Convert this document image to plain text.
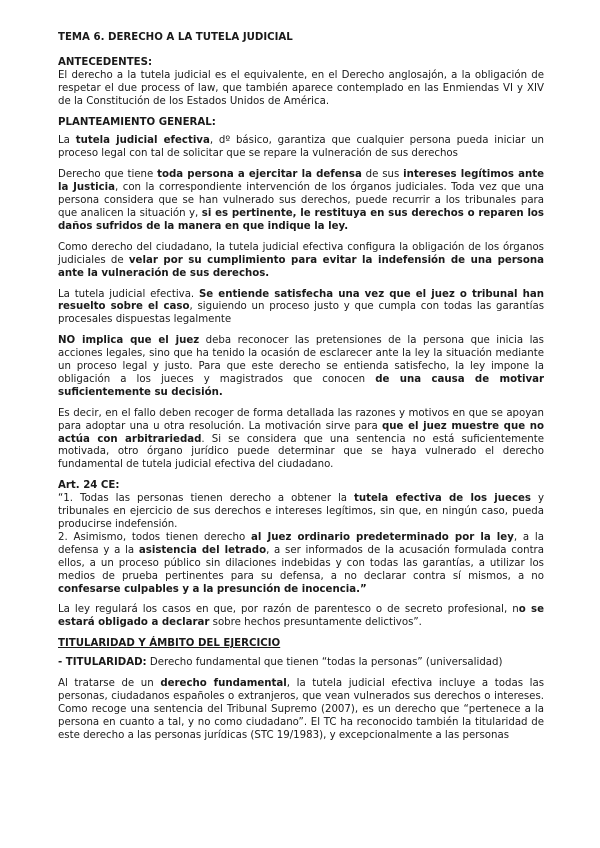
TEMA 6. DERECHO A LA TUTELA JUDICIAL
ANTECEDENTES:

El derecho a la tutela judicial es el equivalente, en el Derecho anglosajón, a la obligación de respetar el due process of law, que también aparece contemplado en las Enmiendas VI y XIV de la Constitución de los Estados Unidos de América.

PLANTEAMIENTO GENERAL:

La tutela judicial efectiva, dº básico, garantiza que cualquier persona pueda iniciar un proceso legal con tal de solicitar que se repare la vulneración de sus derechos

Derecho que tiene toda persona a ejercitar la defensa de sus intereses legítimos ante la Justicia, con la correspondiente intervención de los órganos judiciales. Toda vez que una persona considera que se han vulnerado sus derechos, puede recurrir a los tribunales para que analicen la situación y, si es pertinente, le restituya en sus derechos o reparen los daños sufridos de la manera en que indique la ley.

Como derecho del ciudadano, la tutela judicial efectiva configura la obligación de los órganos judiciales de velar por su cumplimiento para evitar la indefensión de una persona ante la vulneración de sus derechos.

La tutela judicial efectiva. Se entiende satisfecha una vez que el juez o tribunal han resuelto sobre el caso, siguiendo un proceso justo y que cumpla con todas las garantías procesales dispuestas legalmente

NO implica que el juez deba reconocer las pretensiones de la persona que inicia las acciones legales, sino que ha tenido la ocasión de esclarecer ante la ley la situación mediante un proceso legal y justo. Para que este derecho se entienda satisfecho, la ley impone la obligación a los jueces y magistrados que conocen de una causa de motivar suficientemente su decisión.

Es decir, en el fallo deben recoger de forma detallada las razones y motivos en que se apoyan para adoptar una u otra resolución. La motivación sirve para que el juez muestre que no actúa con arbitrariedad. Si se considera que una sentencia no está suficientemente motivada, otro órgano jurídico puede determinar que se haya vulnerado el derecho fundamental de tutela judicial efectiva del ciudadano.

Art. 24 CE:

“1. Todas las personas tienen derecho a obtener la tutela efectiva de los jueces y tribunales en ejercicio de sus derechos e intereses legítimos, sin que, en ningún caso, pueda producirse indefensión.

2. Asimismo, todos tienen derecho al Juez ordinario predeterminado por la ley, a la defensa y a la asistencia del letrado, a ser informados de la acusación formulada contra ellos, a un proceso público sin dilaciones indebidas y con todas las garantías, a utilizar los medios de prueba pertinentes para su defensa, a no declarar contra sí mismos, a no confesarse culpables y a la presunción de inocencia.”

La ley regulará los casos en que, por razón de parentesco o de secreto profesional, no se estará obligado a declarar sobre hechos presuntamente delictivos”.

TITULARIDAD Y ÁMBITO DEL EJERCICIO

- TITULARIDAD: Derecho fundamental que tienen “todas la personas” (universalidad)

Al tratarse de un derecho fundamental, la tutela judicial efectiva incluye a todas las personas, ciudadanos españoles o extranjeros, que vean vulnerados sus derechos o intereses. Como recoge una sentencia del Tribunal Supremo (2007), es un derecho que “pertenece a la persona en cuanto a tal, y no como ciudadano”. El TC ha reconocido también la titularidad de este derecho a las personas jurídicas (STC 19/1983), y excepcionalmente a las personas
